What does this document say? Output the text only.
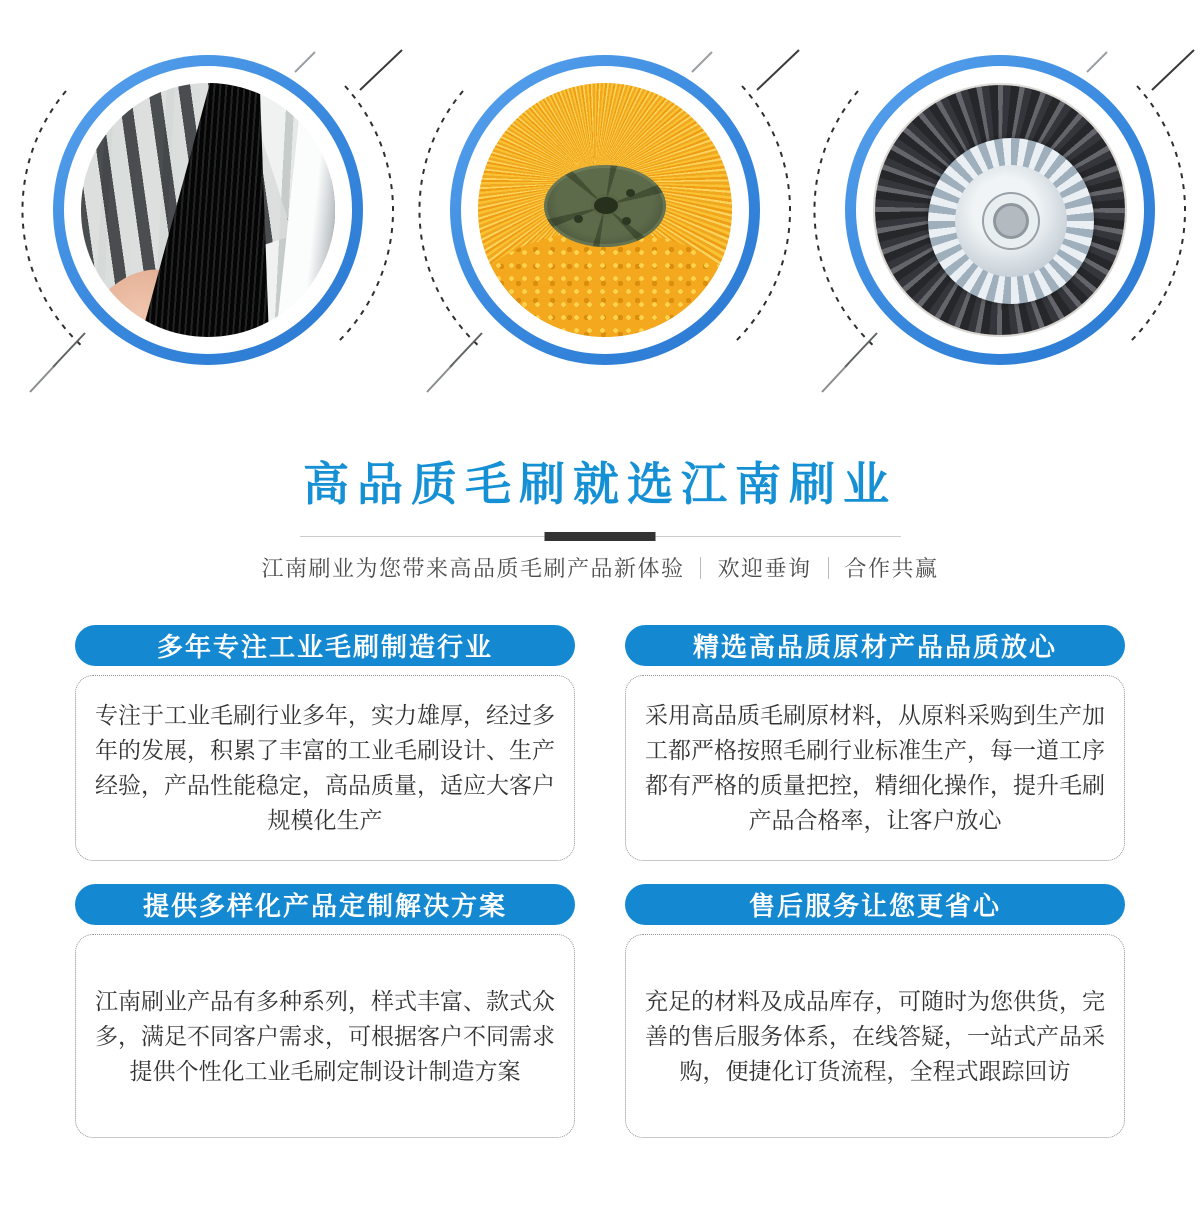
高品质毛刷就选江南刷业

江南刷业为您带来高品质毛刷产品新体验 欢迎垂询 合作共赢

多年专注工业毛刷制造行业
专注于工业毛刷行业多年，实力雄厚，经过多年的发展，积累了丰富的工业毛刷设计、生产经验，产品性能稳定，高品质量，适应大客户规模化生产
精选高品质原材产品品质放心
采用高品质毛刷原材料，从原料采购到生产加工都严格按照毛刷行业标准生产，每一道工序都有严格的质量把控，精细化操作，提升毛刷产品合格率，让客户放心
提供多样化产品定制解决方案
江南刷业产品有多种系列，样式丰富、款式众多，满足不同客户需求，可根据客户不同需求提供个性化工业毛刷定制设计制造方案
售后服务让您更省心
充足的材料及成品库存，可随时为您供货，完善的售后服务体系，在线答疑，一站式产品采购，便捷化订货流程，全程式跟踪回访
